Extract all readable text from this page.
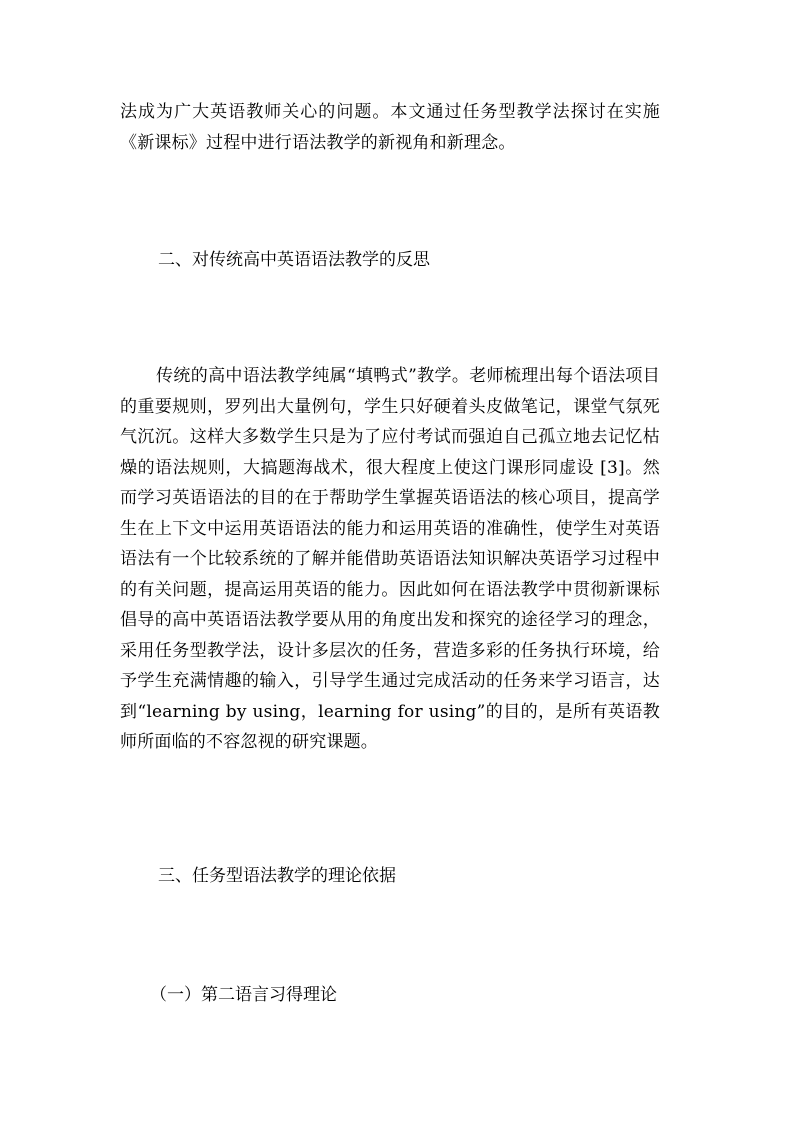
法成为广大英语教师关心的问题。本文通过任务型教学法探讨在实施《新课标》过程中进行语法教学的新视角和新理念。

二、对传统高中英语语法教学的反思

传统的高中语法教学纯属“填鸭式”教学。老师梳理出每个语法项目的重要规则，罗列出大量例句，学生只好硬着头皮做笔记，课堂气氛死气沉沉。这样大多数学生只是为了应付考试而强迫自己孤立地去记忆枯燥的语法规则，大搞题海战术，很大程度上使这门课形同虚设 [3]。然而学习英语语法的目的在于帮助学生掌握英语语法的核心项目，提高学生在上下文中运用英语语法的能力和运用英语的准确性，使学生对英语语法有一个比较系统的了解并能借助英语语法知识解决英语学习过程中的有关问题，提高运用英语的能力。因此如何在语法教学中贯彻新课标倡导的高中英语语法教学要从用的角度出发和探究的途径学习的理念，采用任务型教学法，设计多层次的任务，营造多彩的任务执行环境，给予学生充满情趣的输入，引导学生通过完成活动的任务来学习语言，达到“learning by using，learning for using”的目的，是所有英语教师所面临的不容忽视的研究课题。

三、任务型语法教学的理论依据

（一）第二语言习得理论
